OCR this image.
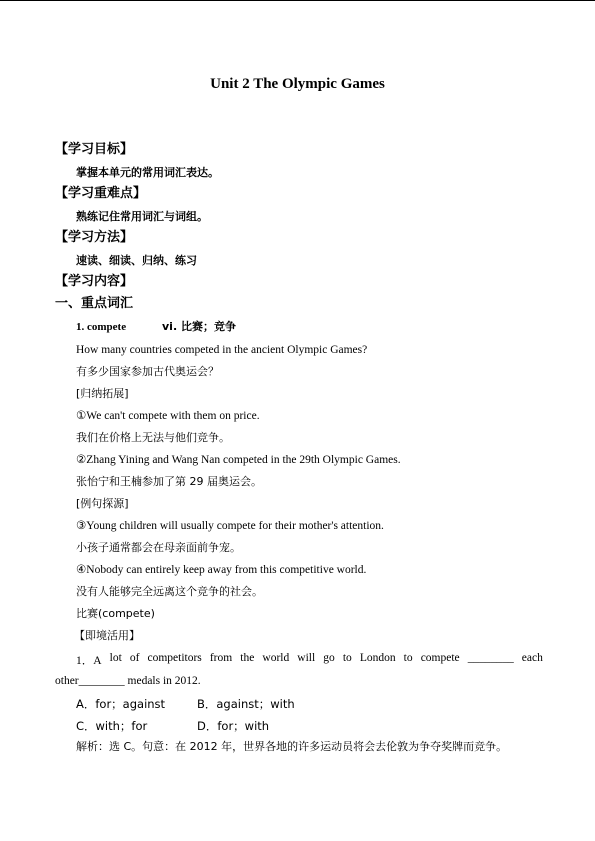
Unit 2 The Olympic Games
【学习目标】
掌握本单元的常用词汇表达。
【学习重难点】
熟练记住常用词汇与词组。
【学习方法】
速读、细读、归纳、练习
【学习内容】
一、重点词汇
1. compete	vi. 比赛；竞争
How many countries competed in the ancient Olympic Games?
有多少国家参加古代奥运会？
[归纳拓展]
①We can't compete with them on price.
我们在价格上无法与他们竞争。
②Zhang Yining and Wang Nan competed in the 29th Olympic Games.
张怡宁和王楠参加了第 29 届奥运会。
[例句探源]
③Young children will usually compete for their mother's attention.
小孩子通常都会在母亲面前争宠。
④Nobody can entirely keep away from this competitive world.
没有人能够完全远离这个竞争的社会。
比赛(compete)
【即境活用】
1．A lot of competitors from the world will go to London to compete ________ each
other________ medals in 2012.
A．for；against	B．against；with
C．with；for	D．for；with
解析：选 C。句意：在 2012 年，世界各地的许多运动员将会去伦敦为争夺奖牌而竞争。
